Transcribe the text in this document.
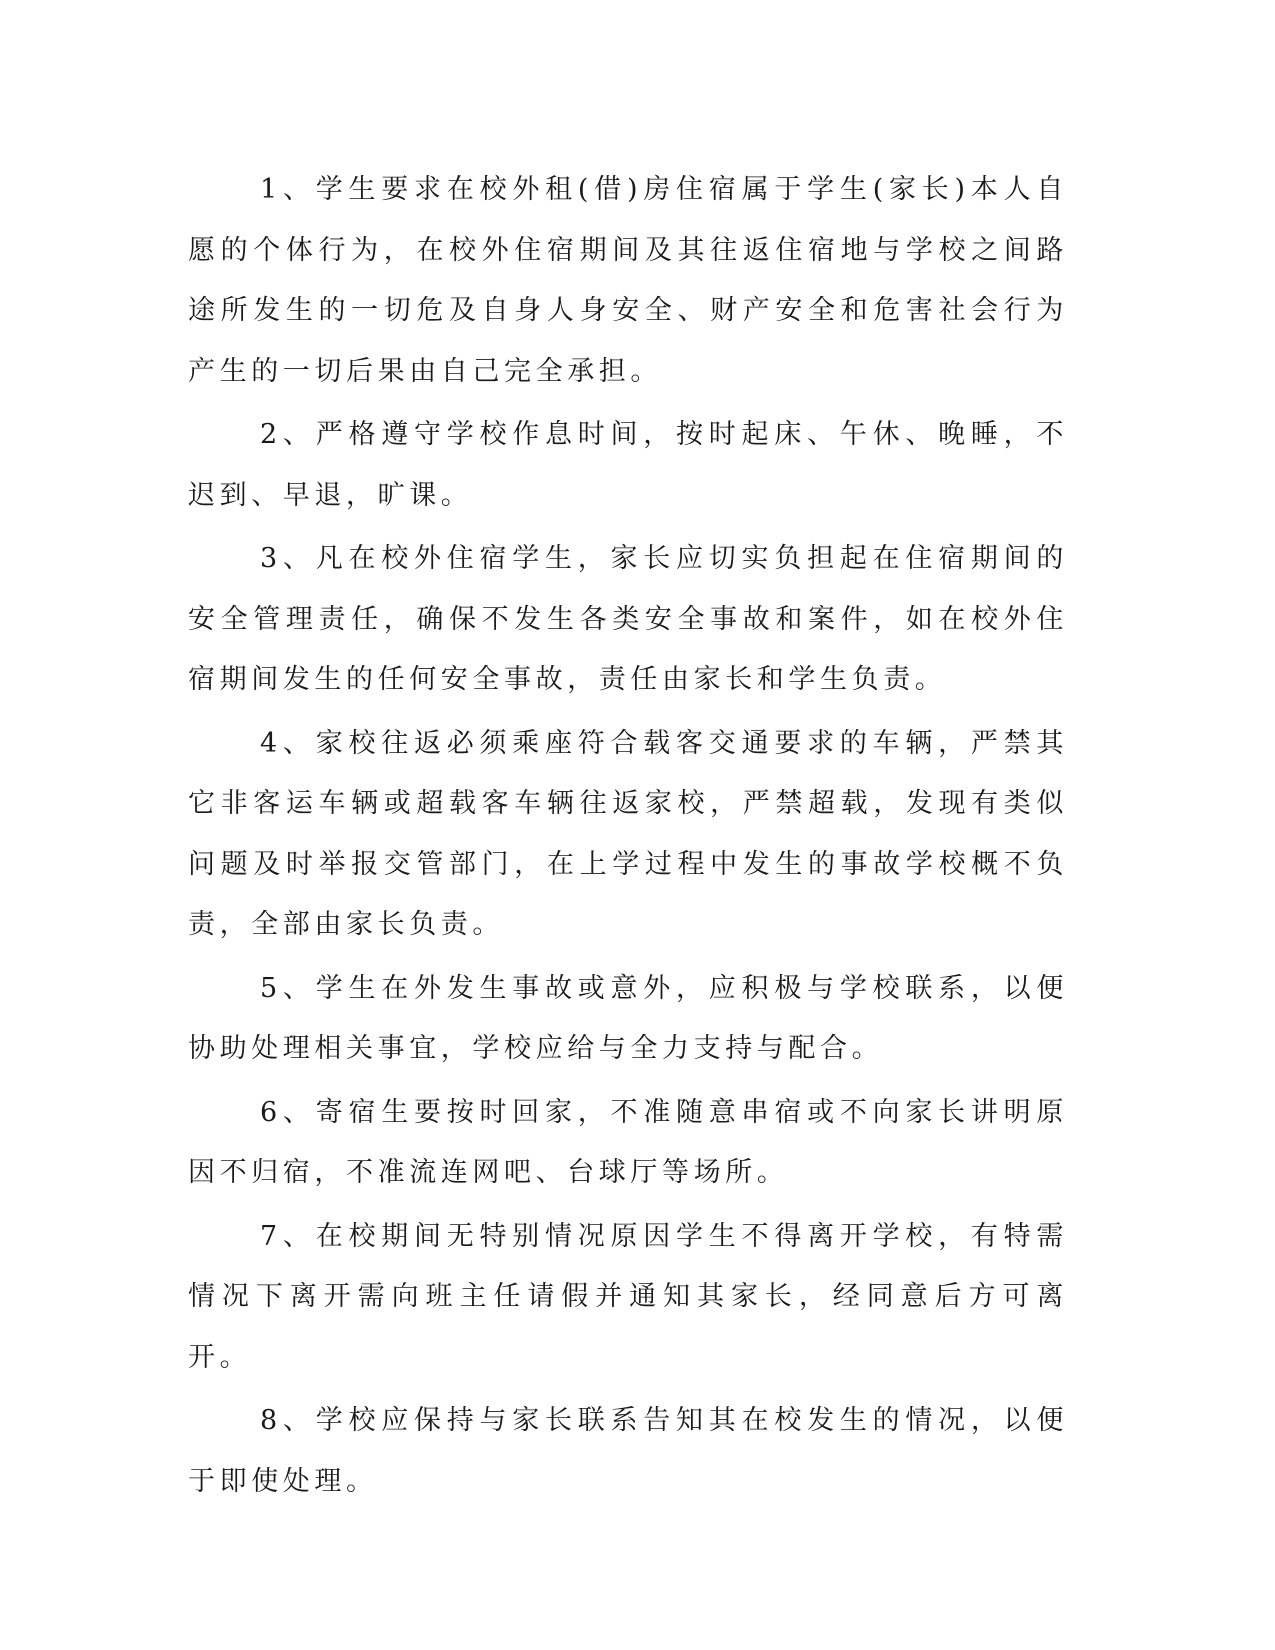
1、学生要求在校外租(借)房住宿属于学生(家长)本人自愿的个体行为，在校外住宿期间及其往返住宿地与学校之间路途所发生的一切危及自身人身安全、财产安全和危害社会行为产生的一切后果由自己完全承担。

2、严格遵守学校作息时间，按时起床、午休、晚睡，不迟到、早退，旷课。

3、凡在校外住宿学生，家长应切实负担起在住宿期间的安全管理责任，确保不发生各类安全事故和案件，如在校外住宿期间发生的任何安全事故，责任由家长和学生负责。

4、家校往返必须乘座符合载客交通要求的车辆，严禁其它非客运车辆或超载客车辆往返家校，严禁超载，发现有类似问题及时举报交管部门，在上学过程中发生的事故学校概不负责，全部由家长负责。

5、学生在外发生事故或意外，应积极与学校联系，以便协助处理相关事宜，学校应给与全力支持与配合。

6、寄宿生要按时回家，不准随意串宿或不向家长讲明原因不归宿，不准流连网吧、台球厅等场所。

7、在校期间无特别情况原因学生不得离开学校，有特需情况下离开需向班主任请假并通知其家长，经同意后方可离开。

8、学校应保持与家长联系告知其在校发生的情况，以便于即使处理。
